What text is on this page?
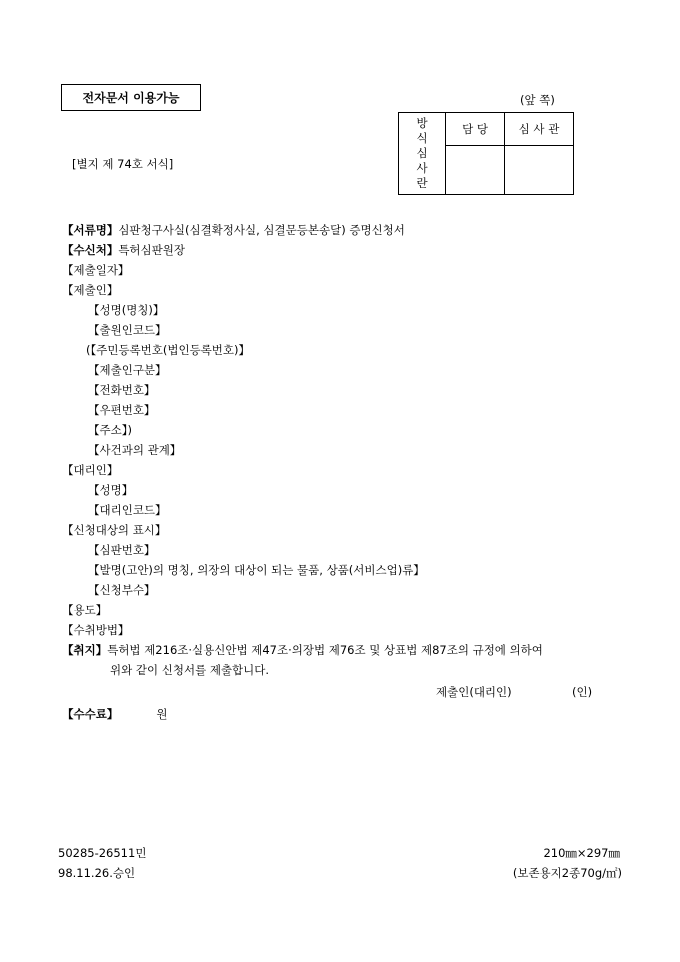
전자문서 이용가능	(앞 쪽)
[별지 제 74호 서식]
방
식
심
사
란	담 당	심 사 관

【서류명】심판청구사실(심결확정사실, 심결문등본송달) 증명신청서
【수신처】특허심판원장
【제출일자】
【제출인】
【성명(명칭)】
【출원인코드】
(【주민등록번호(법인등록번호)】
【제출인구분】
【전화번호】
【우편번호】
【주소】)
【사건과의 관계】
【대리인】
【성명】
【대리인코드】
【신청대상의 표시】
【심판번호】
【발명(고안)의 명칭, 의장의 대상이 되는 물품, 상품(서비스업)류】
【신청부수】
【용도】
【수취방법】
【취지】특허법 제216조·실용신안법 제47조·의장법 제76조 및 상표법 제87조의 규정에 의하여
위와 같이 신청서를 제출합니다.
제출인(대리인)	(인)
【수수료】	원
50285-26511민
98.11.26.승인
210㎜×297㎜
(보존용지2종70g/㎡)
